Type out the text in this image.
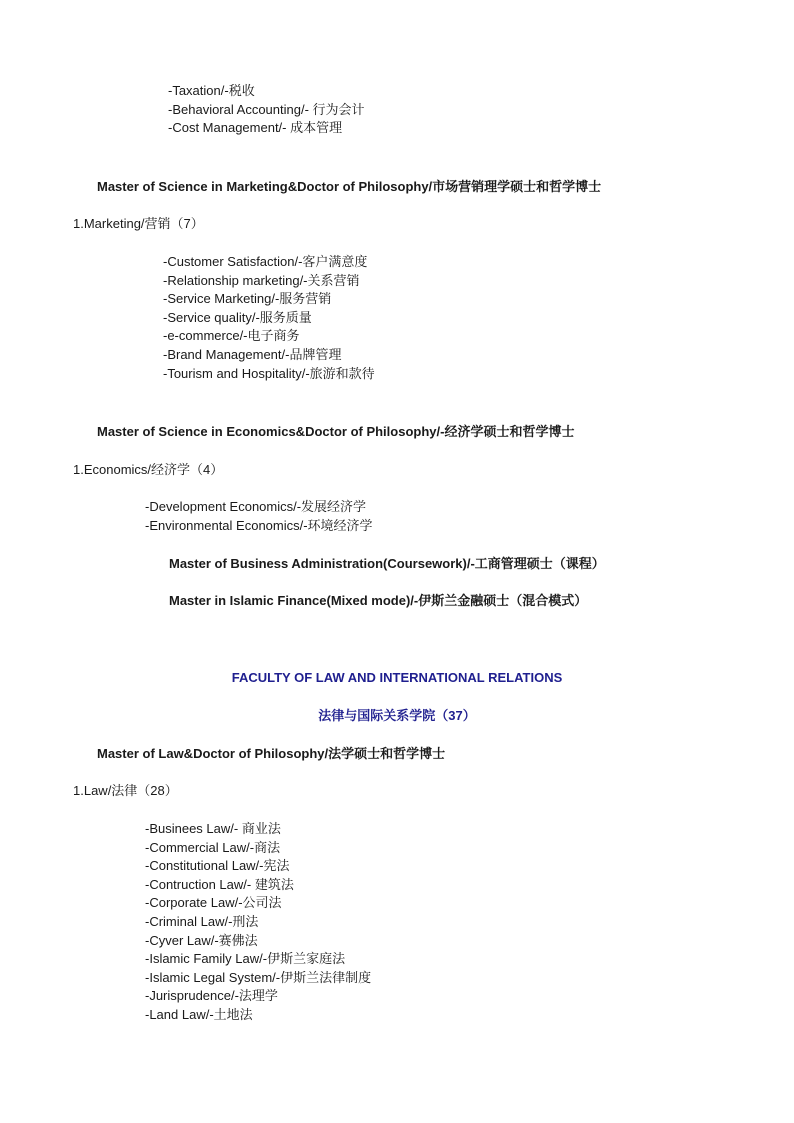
-Taxation/-税收
-Behavioral Accounting/- 行为会计
-Cost Management/- 成本管理
Master of Science in Marketing&Doctor of Philosophy/市场营销理学硕士和哲学博士
1.Marketing/营销（7）
-Customer Satisfaction/-客户满意度
-Relationship marketing/-关系营销
-Service Marketing/-服务营销
-Service quality/-服务质量
-e-commerce/-电子商务
-Brand Management/-品牌管理
-Tourism and Hospitality/-旅游和款待
Master of Science in Economics&Doctor of Philosophy/-经济学硕士和哲学博士
1.Economics/经济学（4）
-Development Economics/-发展经济学
-Environmental Economics/-环境经济学
Master of Business Administration(Coursework)/-工商管理硕士（课程）
Master in Islamic Finance(Mixed mode)/-伊斯兰金融硕士（混合模式）
FACULTY OF LAW AND INTERNATIONAL RELATIONS
法律与国际关系学院（37）
Master of Law&Doctor of Philosophy/法学硕士和哲学博士
1.Law/法律（28）
-Businees Law/- 商业法
-Commercial Law/-商法
-Constitutional Law/-宪法
-Contruction Law/- 建筑法
-Corporate Law/-公司法
-Criminal Law/-刑法
-Cyver Law/-赛佛法
-Islamic Family Law/-伊斯兰家庭法
-Islamic Legal System/-伊斯兰法律制度
-Jurisprudence/-法理学
-Land Law/-土地法
